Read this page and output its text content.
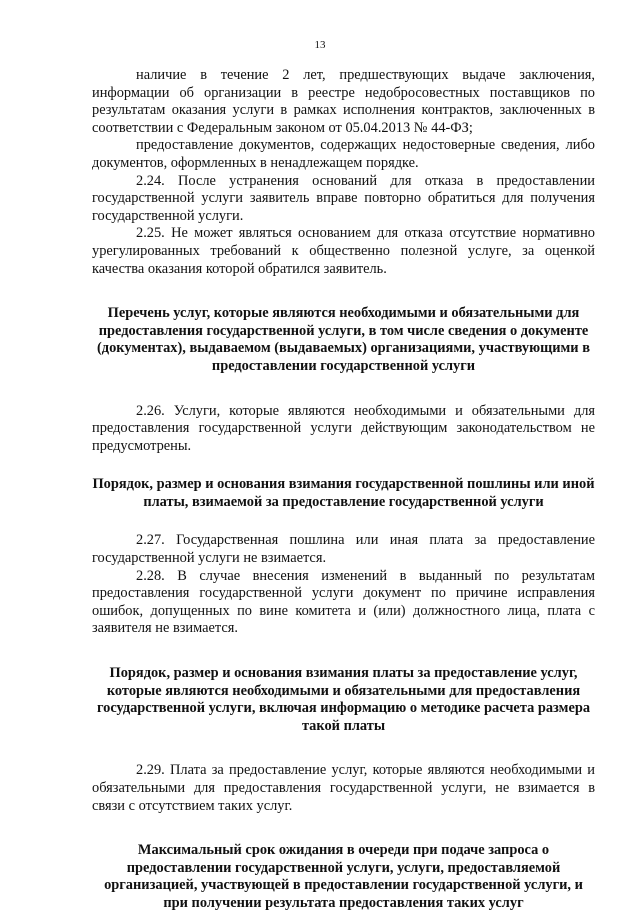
13

наличие в течение 2 лет, предшествующих выдаче заключения, информации об организации в реестре недобросовестных поставщиков по результатам оказания услуги в рамках исполнения контрактов, заключенных в соответствии с Федеральным законом от 05.04.2013 № 44-ФЗ;

предоставление документов, содержащих недостоверные сведения, либо документов, оформленных в ненадлежащем порядке.

2.24. После устранения оснований для отказа в предоставлении государственной услуги заявитель вправе повторно обратиться для получения государственной услуги.

2.25. Не может являться основанием для отказа отсутствие нормативно урегулированных требований к общественно полезной услуге, за оценкой качества оказания которой обратился заявитель.

Перечень услуг, которые являются необходимыми и обязательными для предоставления государственной услуги, в том числе сведения о документе (документах), выдаваемом (выдаваемых) организациями, участвующими в предоставлении государственной услуги

2.26. Услуги, которые являются необходимыми и обязательными для предоставления государственной услуги действующим законодательством не предусмотрены.

Порядок, размер и основания взимания государственной пошлины или иной платы, взимаемой за предоставление государственной услуги

2.27. Государственная пошлина или иная плата за предоставление государственной услуги не взимается.

2.28. В случае внесения изменений в выданный по результатам предоставления государственной услуги документ по причине исправления ошибок, допущенных по вине комитета и (или) должностного лица, плата с заявителя не взимается.

Порядок, размер и основания взимания платы за предоставление услуг, которые являются необходимыми и обязательными для предоставления государственной услуги, включая информацию о методике расчета размера такой платы

2.29. Плата за предоставление услуг, которые являются необходимыми и обязательными для предоставления государственной услуги, не взимается в связи с отсутствием таких услуг.

Максимальный срок ожидания в очереди при подаче запроса о предоставлении государственной услуги, услуги, предоставляемой организацией, участвующей в предоставлении государственной услуги, и при получении результата предоставления таких услуг
